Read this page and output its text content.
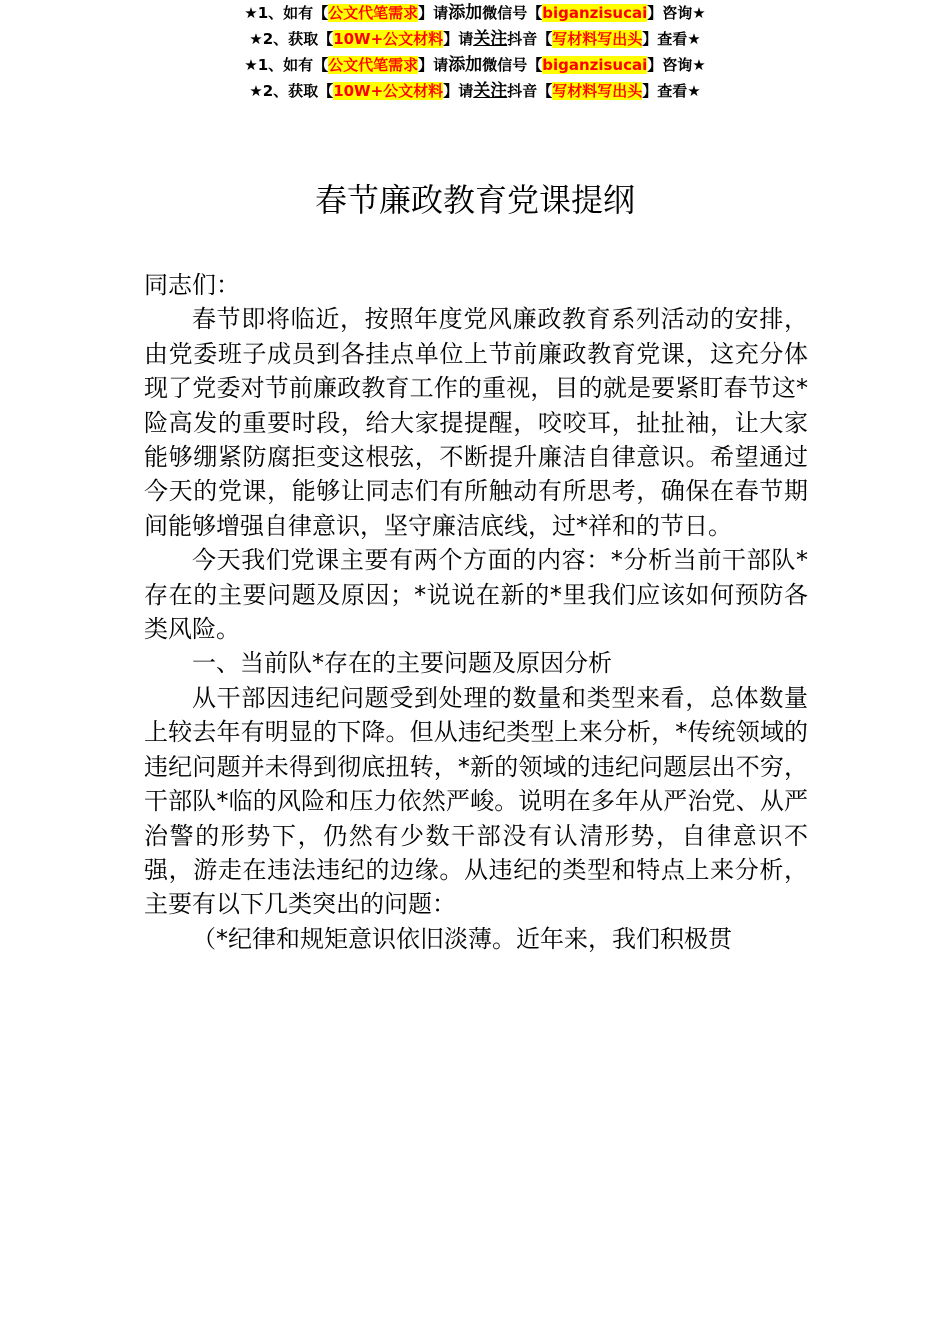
★1、如有【公文代笔需求】请添加微信号【biganzisucai】咨询★
★2、获取【10W+公文材料】请关注抖音【写材料写出头】查看★
春节廉政教育党课提纲

同志们：

春节即将临近，按照年度党风廉政教育系列活动的安排，由党委班子成员到各挂点单位上节前廉政教育党课，这充分体现了党委对节前廉政教育工作的重视，目的就是要紧盯春节这*险高发的重要时段，给大家提提醒，咬咬耳，扯扯袖，让大家能够绷紧防腐拒变这根弦，不断提升廉洁自律意识。希望通过今天的党课，能够让同志们有所触动有所思考，确保在春节期间能够增强自律意识，坚守廉洁底线，过*祥和的节日。

今天我们党课主要有两个方面的内容：*分析当前干部队*存在的主要问题及原因；*说说在新的*里我们应该如何预防各类风险。

一、当前队*存在的主要问题及原因分析

从干部因违纪问题受到处理的数量和类型来看，总体数量上较去年有明显的下降。但从违纪类型上来分析，*传统领域的违纪问题并未得到彻底扭转，*新的领域的违纪问题层出不穷，干部队*临的风险和压力依然严峻。说明在多年从严治党、从严治警的形势下，仍然有少数干部没有认清形势，自律意识不强，游走在违法违纪的边缘。从违纪的类型和特点上来分析，主要有以下几类突出的问题：

（*纪律和规矩意识依旧淡薄。近年来，我们积极贯

★1、如有【公文代笔需求】请添加微信号【biganzisucai】咨询★
★2、获取【10W+公文材料】请关注抖音【写材料写出头】查看★
